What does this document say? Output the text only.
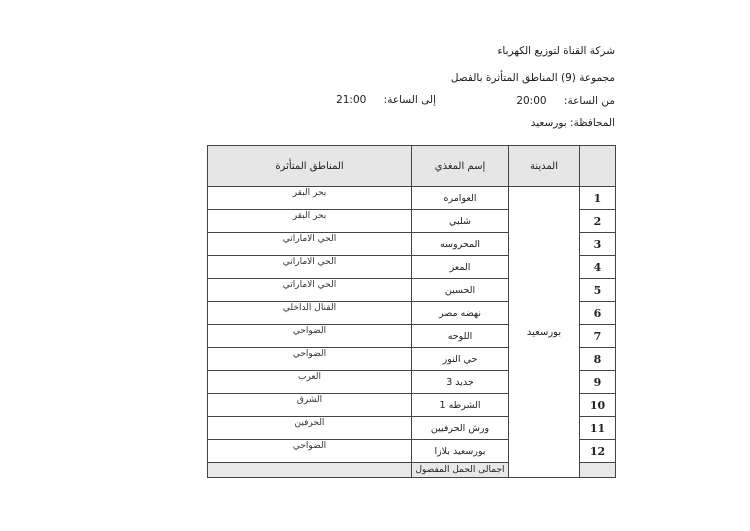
شركة القناة لتوزيع الكهرباء
مجموعة (9) المناطق المتأثرة بالفصل
من الساعة: 20:00
إلى الساعة: 21:00
المحافظة: بورسعيد
	المدينة	إسم المغذي	المناطق المتأثرة
1	بورسعيد	العوامره	بحر البقر
2		شلبي	بحر البقر
3		المحروسه	الحي الاماراتي
4		المعز	الحي الاماراتي
5		الحسين	الحي الاماراتي
6		نهضه مصر	القنال الداخلي
7		اللوحه	الضواحي
8		حي النور	الضواحي
9		جديد 3	العرب
10		الشرطه 1	الشرق
11		ورش الحرفيين	الحرفين
12		بورسعيد بلازا	الضواحي
		اجمالى الحمل المفصول	
